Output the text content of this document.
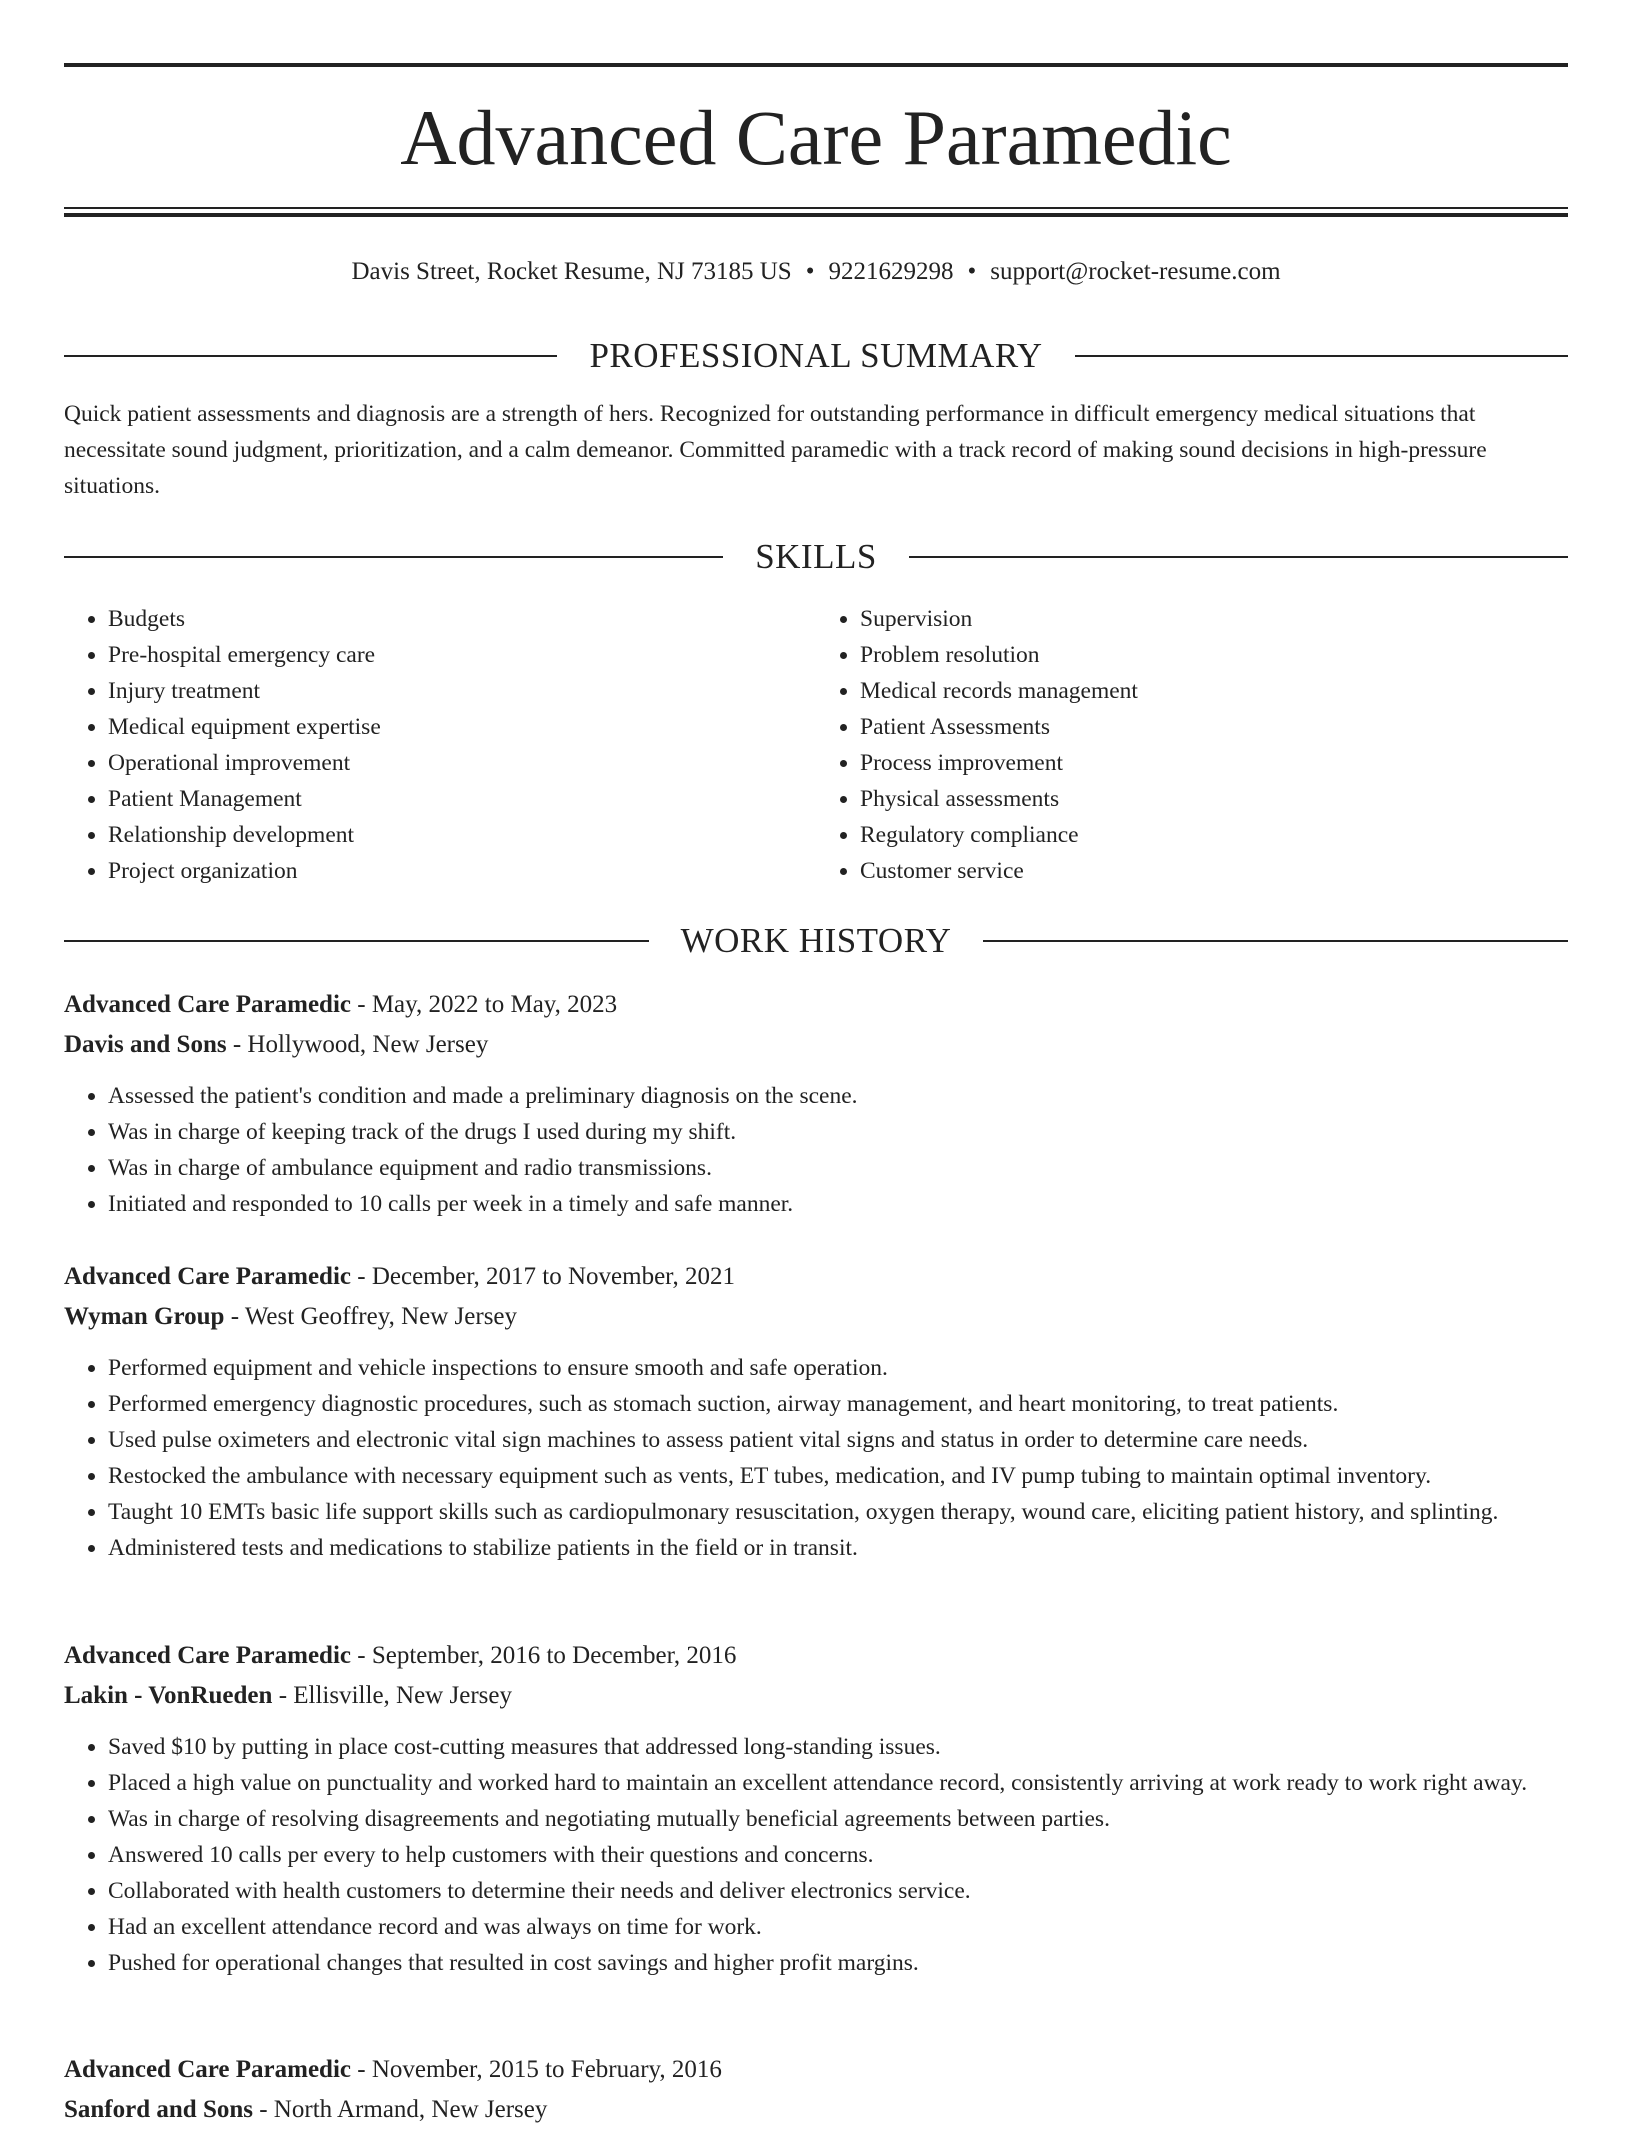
Advanced Care Paramedic
Davis Street, Rocket Resume, NJ 73185 US • 9221629298 • support@rocket-resume.com
PROFESSIONAL SUMMARY

Quick patient assessments and diagnosis are a strength of hers. Recognized for outstanding performance in difficult emergency medical situations that necessitate sound judgment, prioritization, and a calm demeanor. Committed paramedic with a track record of making sound decisions in high-pressure situations.

SKILLS
• Budgets
• Pre-hospital emergency care
• Injury treatment
• Medical equipment expertise
• Operational improvement
• Patient Management
• Relationship development
• Project organization
• Supervision
• Problem resolution
• Medical records management
• Patient Assessments
• Process improvement
• Physical assessments
• Regulatory compliance
• Customer service
WORK HISTORY
Advanced Care Paramedic - May, 2022 to May, 2023
Davis and Sons - Hollywood, New Jersey
• Assessed the patient's condition and made a preliminary diagnosis on the scene.
• Was in charge of keeping track of the drugs I used during my shift.
• Was in charge of ambulance equipment and radio transmissions.
• Initiated and responded to 10 calls per week in a timely and safe manner.
Advanced Care Paramedic - December, 2017 to November, 2021
Wyman Group - West Geoffrey, New Jersey
• Performed equipment and vehicle inspections to ensure smooth and safe operation.
• Performed emergency diagnostic procedures, such as stomach suction, airway management, and heart monitoring, to treat patients.
• Used pulse oximeters and electronic vital sign machines to assess patient vital signs and status in order to determine care needs.
• Restocked the ambulance with necessary equipment such as vents, ET tubes, medication, and IV pump tubing to maintain optimal inventory.
• Taught 10 EMTs basic life support skills such as cardiopulmonary resuscitation, oxygen therapy, wound care, eliciting patient history, and splinting.
• Administered tests and medications to stabilize patients in the field or in transit.
Advanced Care Paramedic - September, 2016 to December, 2016
Lakin - VonRueden - Ellisville, New Jersey
• Saved $10 by putting in place cost-cutting measures that addressed long-standing issues.
• Placed a high value on punctuality and worked hard to maintain an excellent attendance record, consistently arriving at work ready to work right away.
• Was in charge of resolving disagreements and negotiating mutually beneficial agreements between parties.
• Answered 10 calls per every to help customers with their questions and concerns.
• Collaborated with health customers to determine their needs and deliver electronics service.
• Had an excellent attendance record and was always on time for work.
• Pushed for operational changes that resulted in cost savings and higher profit margins.
Advanced Care Paramedic - November, 2015 to February, 2016
Sanford and Sons - North Armand, New Jersey
